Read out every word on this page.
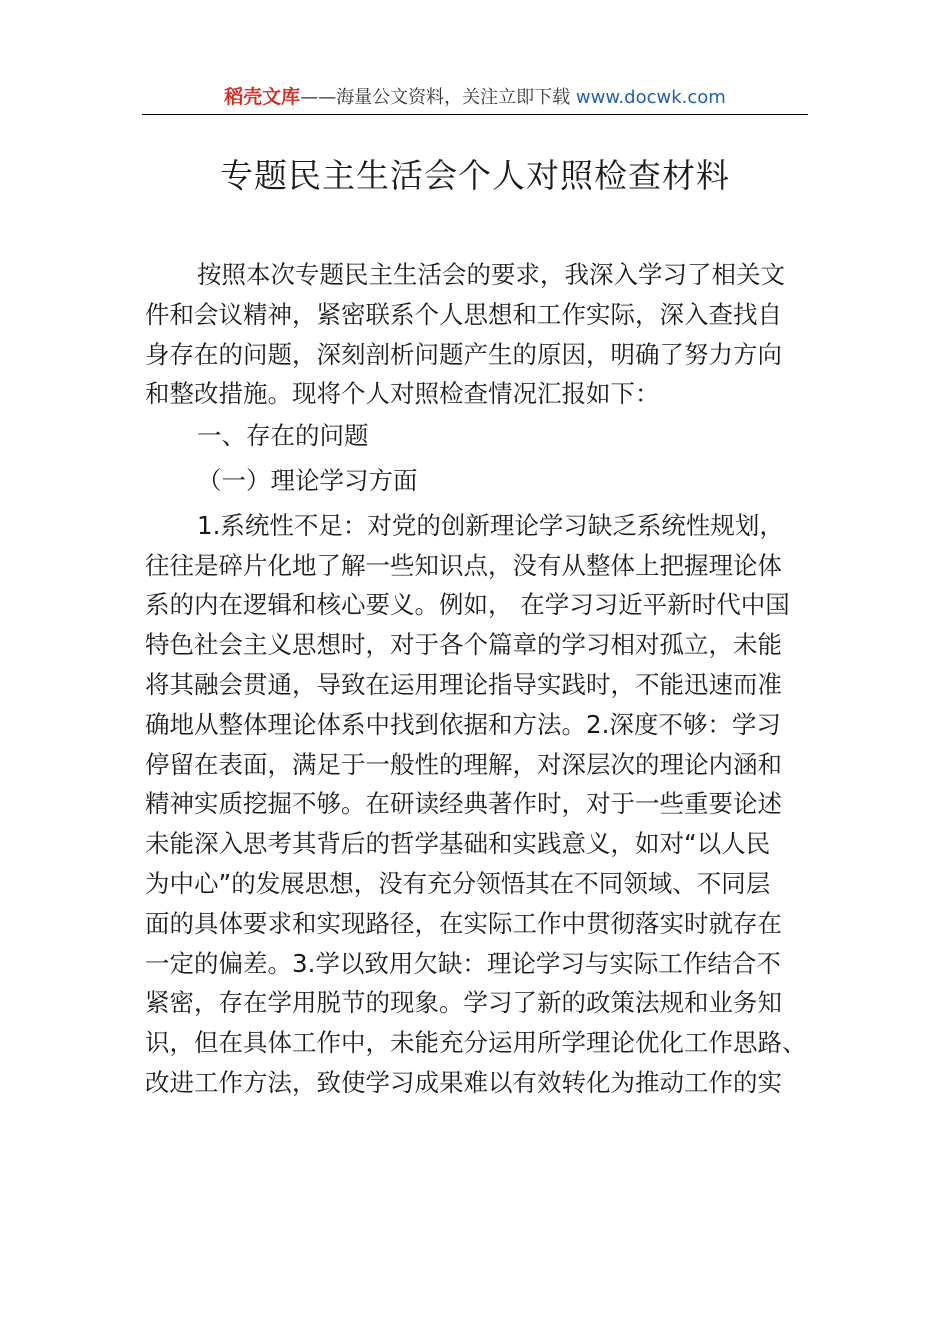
稻壳文库——海量公文资料，关注立即下载 www.docwk.com
专题民主生活会个人对照检查材料
按照本次专题民主生活会的要求，我深入学习了相关文
件和会议精神，紧密联系个人思想和工作实际，深入查找自
身存在的问题，深刻剖析问题产生的原因，明确了努力方向
和整改措施。现将个人对照检查情况汇报如下：
一、存在的问题
（一）理论学习方面
1.系统性不足：对党的创新理论学习缺乏系统性规划，
往往是碎片化地了解一些知识点，没有从整体上把握理论体
系的内在逻辑和核心要义。例如， 在学习习近平新时代中国
特色社会主义思想时，对于各个篇章的学习相对孤立，未能
将其融会贯通，导致在运用理论指导实践时，不能迅速而准
确地从整体理论体系中找到依据和方法。2.深度不够：学习
停留在表面，满足于一般性的理解，对深层次的理论内涵和
精神实质挖掘不够。在研读经典著作时，对于一些重要论述
未能深入思考其背后的哲学基础和实践意义，如对“以人民
为中心”的发展思想，没有充分领悟其在不同领域、不同层
面的具体要求和实现路径，在实际工作中贯彻落实时就存在
一定的偏差。3.学以致用欠缺：理论学习与实际工作结合不
紧密，存在学用脱节的现象。学习了新的政策法规和业务知
识，但在具体工作中，未能充分运用所学理论优化工作思路、
改进工作方法，致使学习成果难以有效转化为推动工作的实
